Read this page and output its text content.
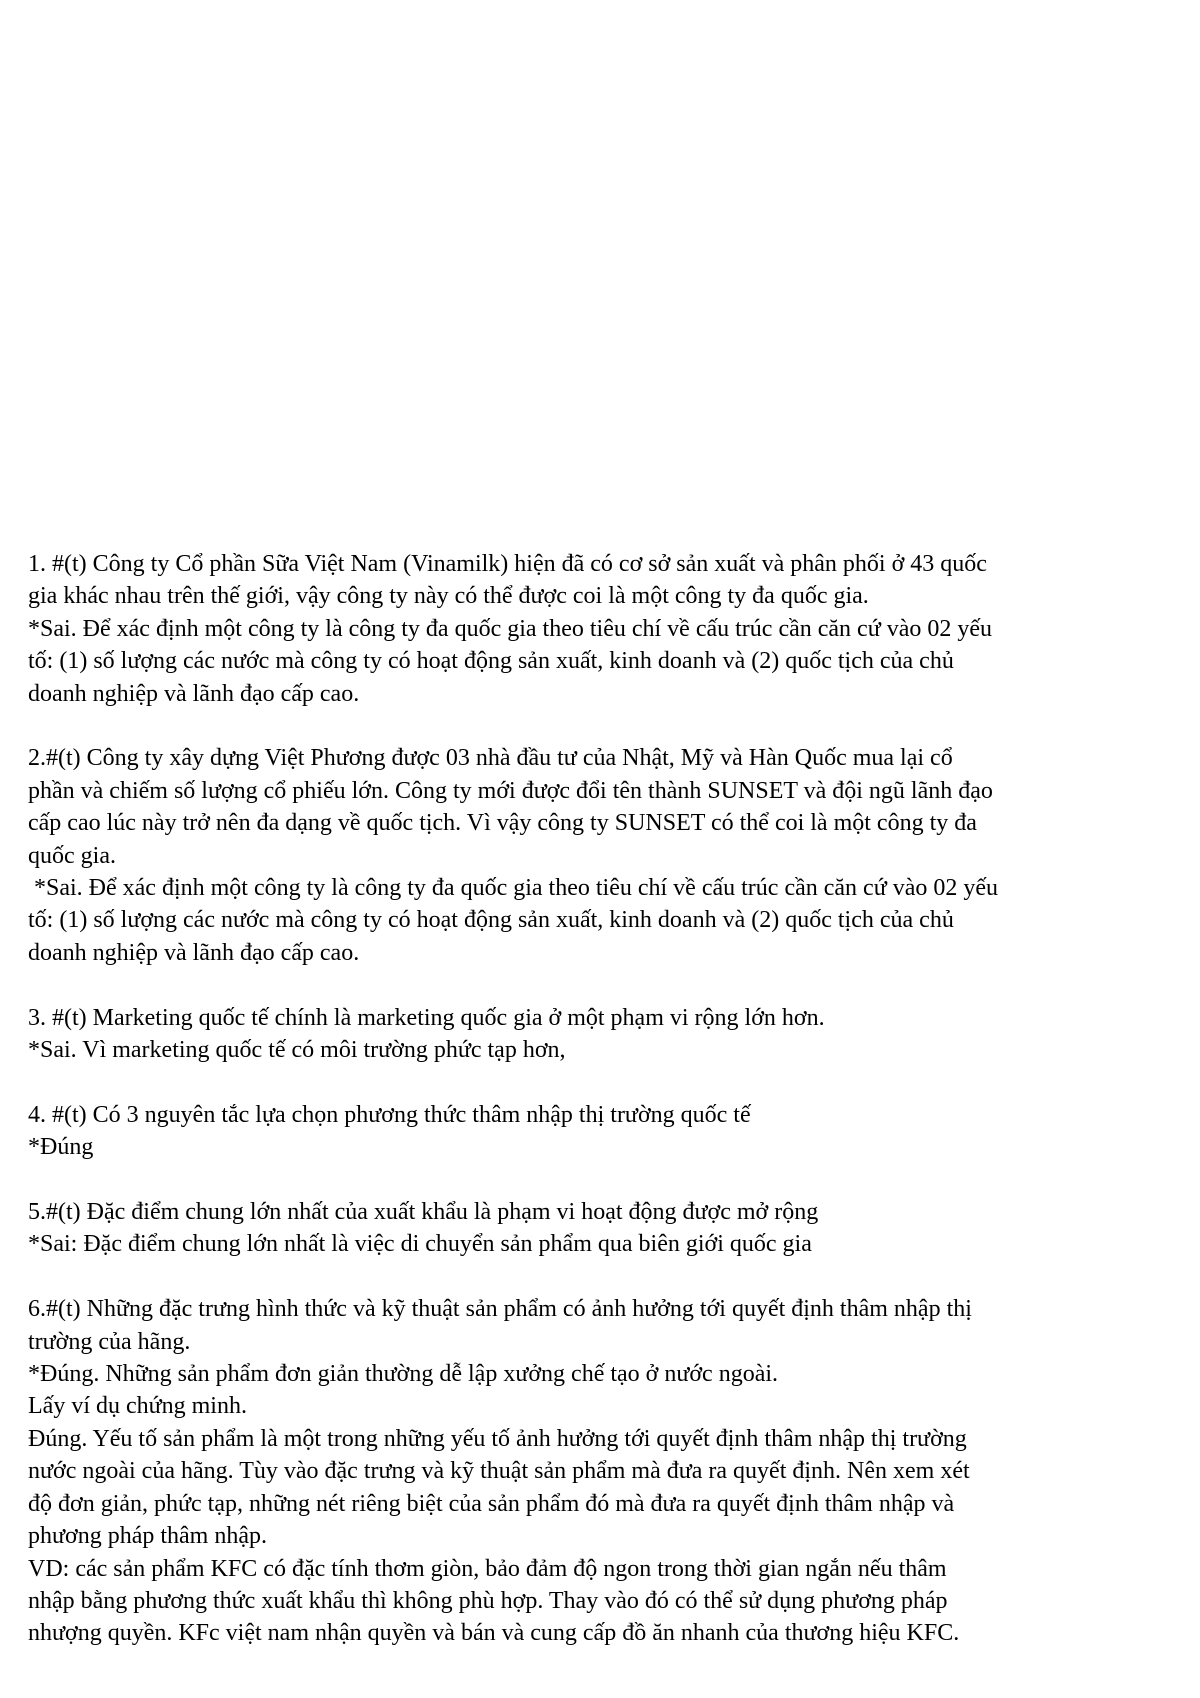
1. #(t) Công ty Cổ phần Sữa Việt Nam (Vinamilk) hiện đã có cơ sở sản xuất và phân phối ở 43 quốc
gia khác nhau trên thế giới, vậy công ty này có thể được coi là một công ty đa quốc gia.
*Sai. Để xác định một công ty là công ty đa quốc gia theo tiêu chí về cấu trúc cần căn cứ vào 02 yếu
tố: (1) số lượng các nước mà công ty có hoạt động sản xuất, kinh doanh và (2) quốc tịch của chủ
doanh nghiệp và lãnh đạo cấp cao.
2.#(t) Công ty xây dựng Việt Phương được 03 nhà đầu tư của Nhật, Mỹ và Hàn Quốc mua lại cổ
phần và chiếm số lượng cổ phiếu lớn. Công ty mới được đổi tên thành SUNSET và đội ngũ lãnh đạo
cấp cao lúc này trở nên đa dạng về quốc tịch. Vì vậy công ty SUNSET có thể coi là một công ty đa
quốc gia.
*Sai. Để xác định một công ty là công ty đa quốc gia theo tiêu chí về cấu trúc cần căn cứ vào 02 yếu
tố: (1) số lượng các nước mà công ty có hoạt động sản xuất, kinh doanh và (2) quốc tịch của chủ
doanh nghiệp và lãnh đạo cấp cao.
3. #(t) Marketing quốc tế chính là marketing quốc gia ở một phạm vi rộng lớn hơn.
*Sai. Vì marketing quốc tế có môi trường phức tạp hơn,
4. #(t) Có 3 nguyên tắc lựa chọn phương thức thâm nhập thị trường quốc tế
*Đúng
5.#(t) Đặc điểm chung lớn nhất của xuất khẩu là phạm vi hoạt động được mở rộng
*Sai: Đặc điểm chung lớn nhất là việc di chuyển sản phẩm qua biên giới quốc gia
6.#(t) Những đặc trưng hình thức và kỹ thuật sản phẩm có ảnh hưởng tới quyết định thâm nhập thị
trường của hãng.
*Đúng. Những sản phẩm đơn giản thường dễ lập xưởng chế tạo ở nước ngoài.
Lấy ví dụ chứng minh.
Đúng. Yếu tố sản phẩm là một trong những yếu tố ảnh hưởng tới quyết định thâm nhập thị trường
nước ngoài của hãng. Tùy vào đặc trưng và kỹ thuật sản phẩm mà đưa ra quyết định. Nên xem xét
độ đơn giản, phức tạp, những nét riêng biệt của sản phẩm đó mà đưa ra quyết định thâm nhập và
phương pháp thâm nhập.
VD: các sản phẩm KFC có đặc tính thơm giòn, bảo đảm độ ngon trong thời gian ngắn nếu thâm
nhập bằng phương thức xuất khẩu thì không phù hợp. Thay vào đó có thể sử dụng phương pháp
nhượng quyền. KFc việt nam nhận quyền và bán và cung cấp đồ ăn nhanh của thương hiệu KFC.
